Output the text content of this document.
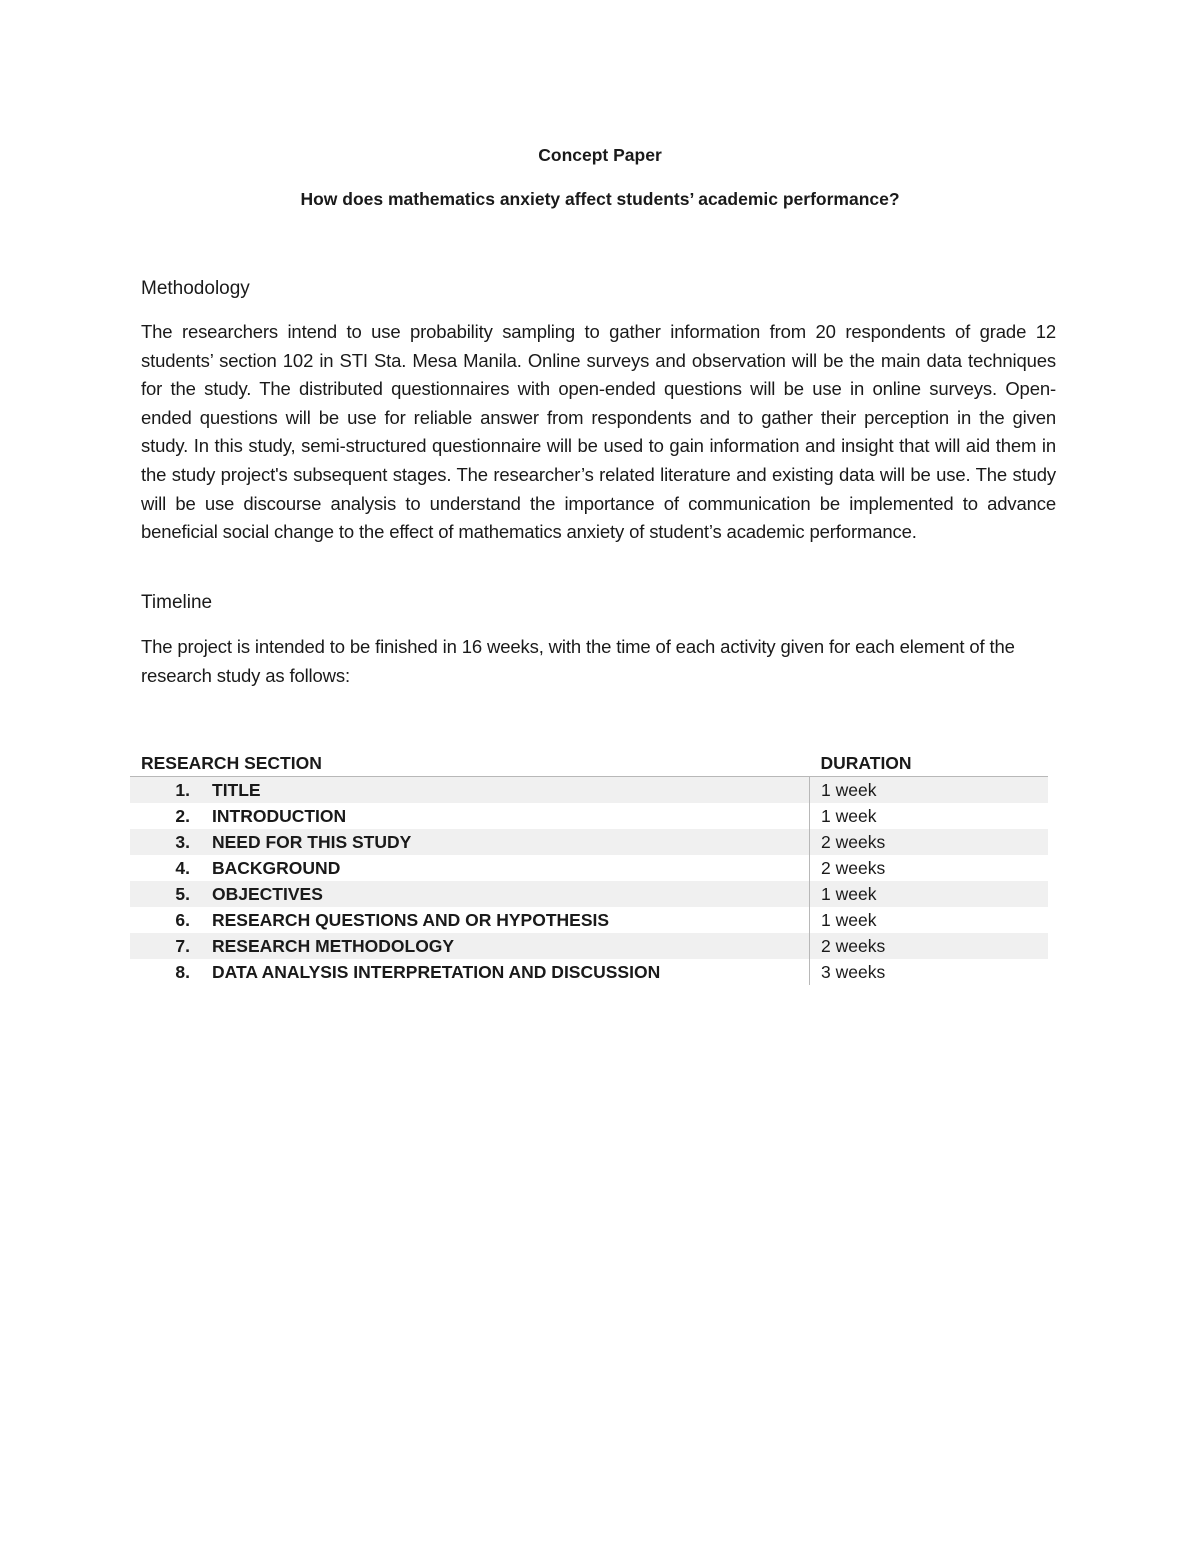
Concept Paper
How does mathematics anxiety affect students’ academic performance?
Methodology
The researchers intend to use probability sampling to gather information from 20 respondents of grade 12 students’ section 102 in STI Sta. Mesa Manila. Online surveys and observation will be the main data techniques for the study. The distributed questionnaires with open-ended questions will be use in online surveys. Open-ended questions will be use for reliable answer from respondents and to gather their perception in the given study. In this study, semi-structured questionnaire will be used to gain information and insight that will aid them in the study project's subsequent stages. The researcher’s related literature and existing data will be use. The study will be use discourse analysis to understand the importance of communication be implemented to advance beneficial social change to the effect of mathematics anxiety of student’s academic performance.
Timeline
The project is intended to be finished in 16 weeks, with the time of each activity given for each element of the research study as follows:
RESEARCH SECTION		DURATION
1.	TITLE	1 week
2.	INTRODUCTION	1 week
3.	NEED FOR THIS STUDY	2 weeks
4.	BACKGROUND	2 weeks
5.	OBJECTIVES	1 week
6.	RESEARCH QUESTIONS AND OR HYPOTHESIS	1 week
7.	RESEARCH METHODOLOGY	2 weeks
8.	DATA ANALYSIS INTERPRETATION AND DISCUSSION	3 weeks
